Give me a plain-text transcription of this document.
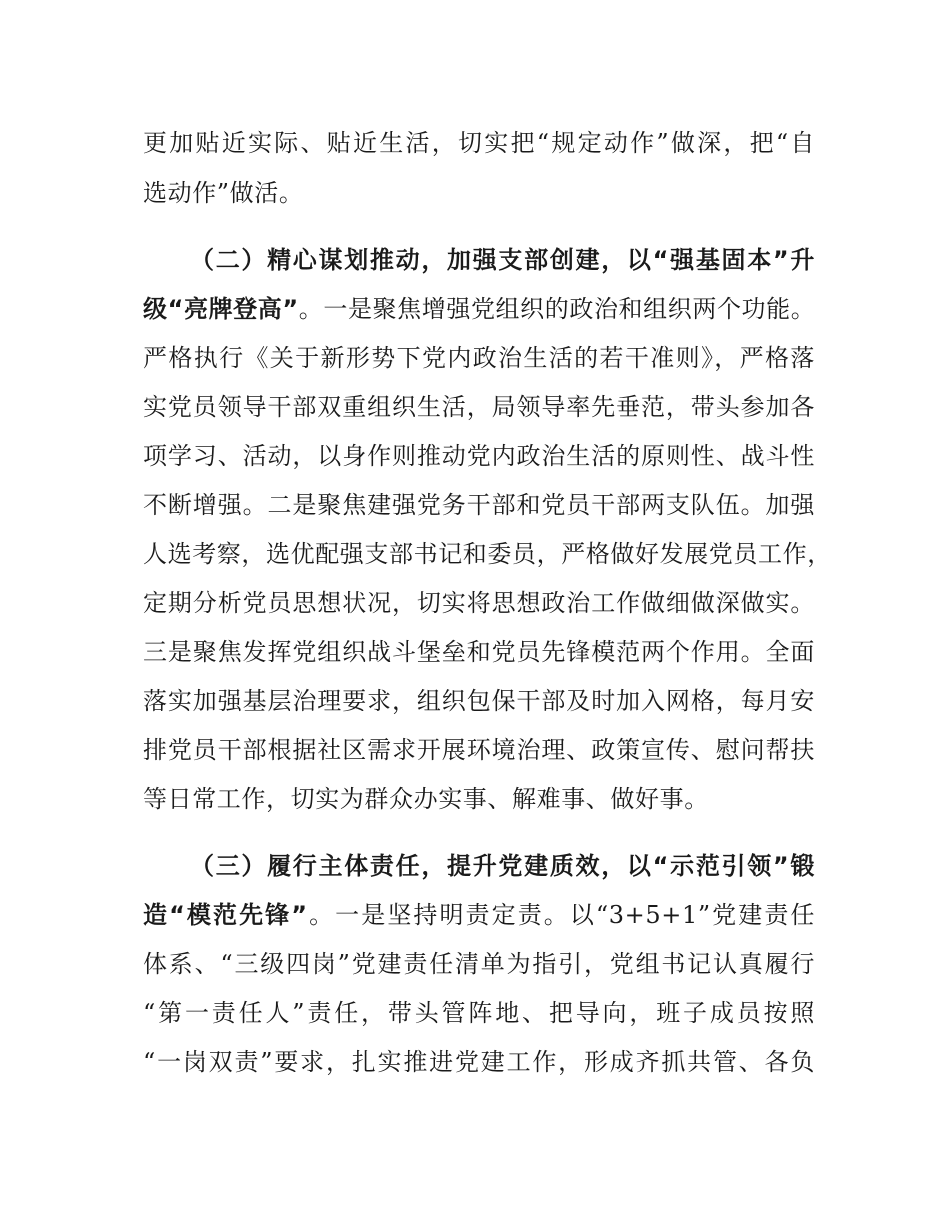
更加贴近实际、贴近生活，切实把“规定动作”做深，把“自
选动作”做活。
（二）精心谋划推动，加强支部创建，以“强基固本”升
级“亮牌登高”。一是聚焦增强党组织的政治和组织两个功能。
严格执行《关于新形势下党内政治生活的若干准则》，严格落
实党员领导干部双重组织生活，局领导率先垂范，带头参加各
项学习、活动，以身作则推动党内政治生活的原则性、战斗性
不断增强。二是聚焦建强党务干部和党员干部两支队伍。加强
人选考察，选优配强支部书记和委员，严格做好发展党员工作，
定期分析党员思想状况，切实将思想政治工作做细做深做实。
三是聚焦发挥党组织战斗堡垒和党员先锋模范两个作用。全面
落实加强基层治理要求，组织包保干部及时加入网格，每月安
排党员干部根据社区需求开展环境治理、政策宣传、慰问帮扶
等日常工作，切实为群众办实事、解难事、做好事。
（三）履行主体责任，提升党建质效，以“示范引领”锻
造“模范先锋”。一是坚持明责定责。以“3+5+1”党建责任
体系、“三级四岗”党建责任清单为指引，党组书记认真履行
“第一责任人”责任，带头管阵地、把导向，班子成员按照
“一岗双责”要求，扎实推进党建工作，形成齐抓共管、各负
